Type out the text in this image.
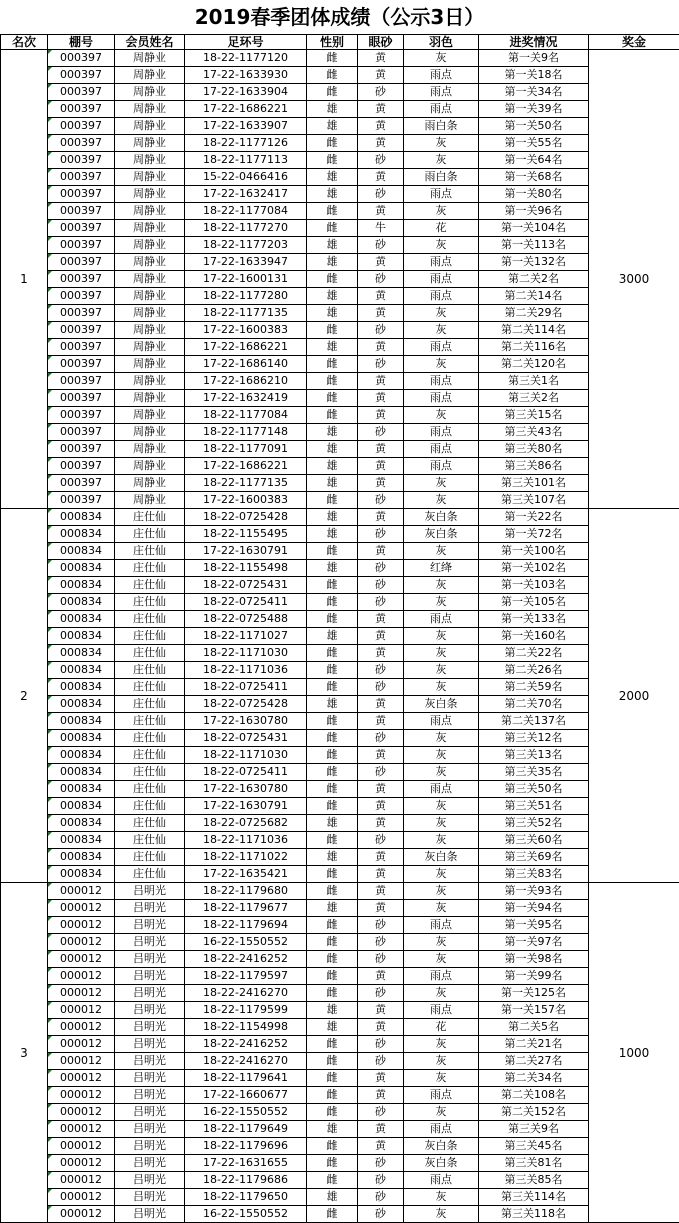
2019春季团体成绩（公示3日）
名次	棚号	会员姓名	足环号	性别	眼砂	羽色	进奖情况	奖金
1	000397	周静业	18-22-1177120	雌	黄	灰	第一关9名	3000
	000397	周静业	17-22-1633930	雌	黄	雨点	第一关18名	
	000397	周静业	17-22-1633904	雌	砂	雨点	第一关34名	
	000397	周静业	17-22-1686221	雄	黄	雨点	第一关39名	
	000397	周静业	17-22-1633907	雄	黄	雨白条	第一关50名	
	000397	周静业	18-22-1177126	雌	黄	灰	第一关55名	
	000397	周静业	18-22-1177113	雌	砂	灰	第一关64名	
	000397	周静业	15-22-0466416	雄	黄	雨白条	第一关68名	
	000397	周静业	17-22-1632417	雄	砂	雨点	第一关80名	
	000397	周静业	18-22-1177084	雌	黄	灰	第一关96名	
	000397	周静业	18-22-1177270	雌	牛	花	第一关104名	
	000397	周静业	18-22-1177203	雄	砂	灰	第一关113名	
	000397	周静业	17-22-1633947	雄	黄	雨点	第一关132名	
	000397	周静业	17-22-1600131	雌	砂	雨点	第二关2名	
	000397	周静业	18-22-1177280	雄	黄	雨点	第二关14名	
	000397	周静业	18-22-1177135	雄	黄	灰	第二关29名	
	000397	周静业	17-22-1600383	雌	砂	灰	第二关114名	
	000397	周静业	17-22-1686221	雄	黄	雨点	第二关116名	
	000397	周静业	17-22-1686140	雌	砂	灰	第二关120名	
	000397	周静业	17-22-1686210	雌	黄	雨点	第三关1名	
	000397	周静业	17-22-1632419	雌	黄	雨点	第三关2名	
	000397	周静业	18-22-1177084	雌	黄	灰	第三关15名	
	000397	周静业	18-22-1177148	雄	砂	雨点	第三关43名	
	000397	周静业	18-22-1177091	雄	黄	雨点	第三关80名	
	000397	周静业	17-22-1686221	雄	黄	雨点	第三关86名	
	000397	周静业	18-22-1177135	雄	黄	灰	第三关101名	
	000397	周静业	17-22-1600383	雌	砂	灰	第三关107名	
2	000834	庄仕仙	18-22-0725428	雄	黄	灰白条	第一关22名	2000
	000834	庄仕仙	18-22-1155495	雄	砂	灰白条	第一关72名	
	000834	庄仕仙	17-22-1630791	雌	黄	灰	第一关100名	
	000834	庄仕仙	18-22-1155498	雄	砂	红绛	第一关102名	
	000834	庄仕仙	18-22-0725431	雌	砂	灰	第一关103名	
	000834	庄仕仙	18-22-0725411	雌	砂	灰	第一关105名	
	000834	庄仕仙	18-22-0725488	雌	黄	雨点	第一关133名	
	000834	庄仕仙	18-22-1171027	雄	黄	灰	第一关160名	
	000834	庄仕仙	18-22-1171030	雌	黄	灰	第二关22名	
	000834	庄仕仙	18-22-1171036	雌	砂	灰	第二关26名	
	000834	庄仕仙	18-22-0725411	雌	砂	灰	第二关59名	
	000834	庄仕仙	18-22-0725428	雄	黄	灰白条	第二关70名	
	000834	庄仕仙	17-22-1630780	雌	黄	雨点	第二关137名	
	000834	庄仕仙	18-22-0725431	雌	砂	灰	第三关12名	
	000834	庄仕仙	18-22-1171030	雌	黄	灰	第三关13名	
	000834	庄仕仙	18-22-0725411	雌	砂	灰	第三关35名	
	000834	庄仕仙	17-22-1630780	雌	黄	雨点	第三关50名	
	000834	庄仕仙	17-22-1630791	雌	黄	灰	第三关51名	
	000834	庄仕仙	18-22-0725682	雄	黄	灰	第三关52名	
	000834	庄仕仙	18-22-1171036	雌	砂	灰	第三关60名	
	000834	庄仕仙	18-22-1171022	雄	黄	灰白条	第三关69名	
	000834	庄仕仙	17-22-1635421	雌	黄	灰	第三关83名	
3	000012	吕明光	18-22-1179680	雌	黄	灰	第一关93名	1000
	000012	吕明光	18-22-1179677	雄	黄	灰	第一关94名	
	000012	吕明光	18-22-1179694	雌	砂	雨点	第一关95名	
	000012	吕明光	16-22-1550552	雌	砂	灰	第一关97名	
	000012	吕明光	18-22-2416252	雌	砂	灰	第一关98名	
	000012	吕明光	18-22-1179597	雌	黄	雨点	第一关99名	
	000012	吕明光	18-22-2416270	雌	砂	灰	第一关125名	
	000012	吕明光	18-22-1179599	雄	黄	雨点	第一关157名	
	000012	吕明光	18-22-1154998	雄	黄	花	第二关5名	
	000012	吕明光	18-22-2416252	雌	砂	灰	第二关21名	
	000012	吕明光	18-22-2416270	雌	砂	灰	第二关27名	
	000012	吕明光	18-22-1179641	雌	黄	灰	第二关34名	
	000012	吕明光	17-22-1660677	雌	黄	雨点	第二关108名	
	000012	吕明光	16-22-1550552	雌	砂	灰	第二关152名	
	000012	吕明光	18-22-1179649	雄	黄	雨点	第三关9名	
	000012	吕明光	18-22-1179696	雌	黄	灰白条	第三关45名	
	000012	吕明光	17-22-1631655	雌	砂	灰白条	第三关81名	
	000012	吕明光	18-22-1179686	雌	砂	雨点	第三关85名	
	000012	吕明光	18-22-1179650	雄	砂	灰	第三关114名	
	000012	吕明光	16-22-1550552	雌	砂	灰	第三关118名	
